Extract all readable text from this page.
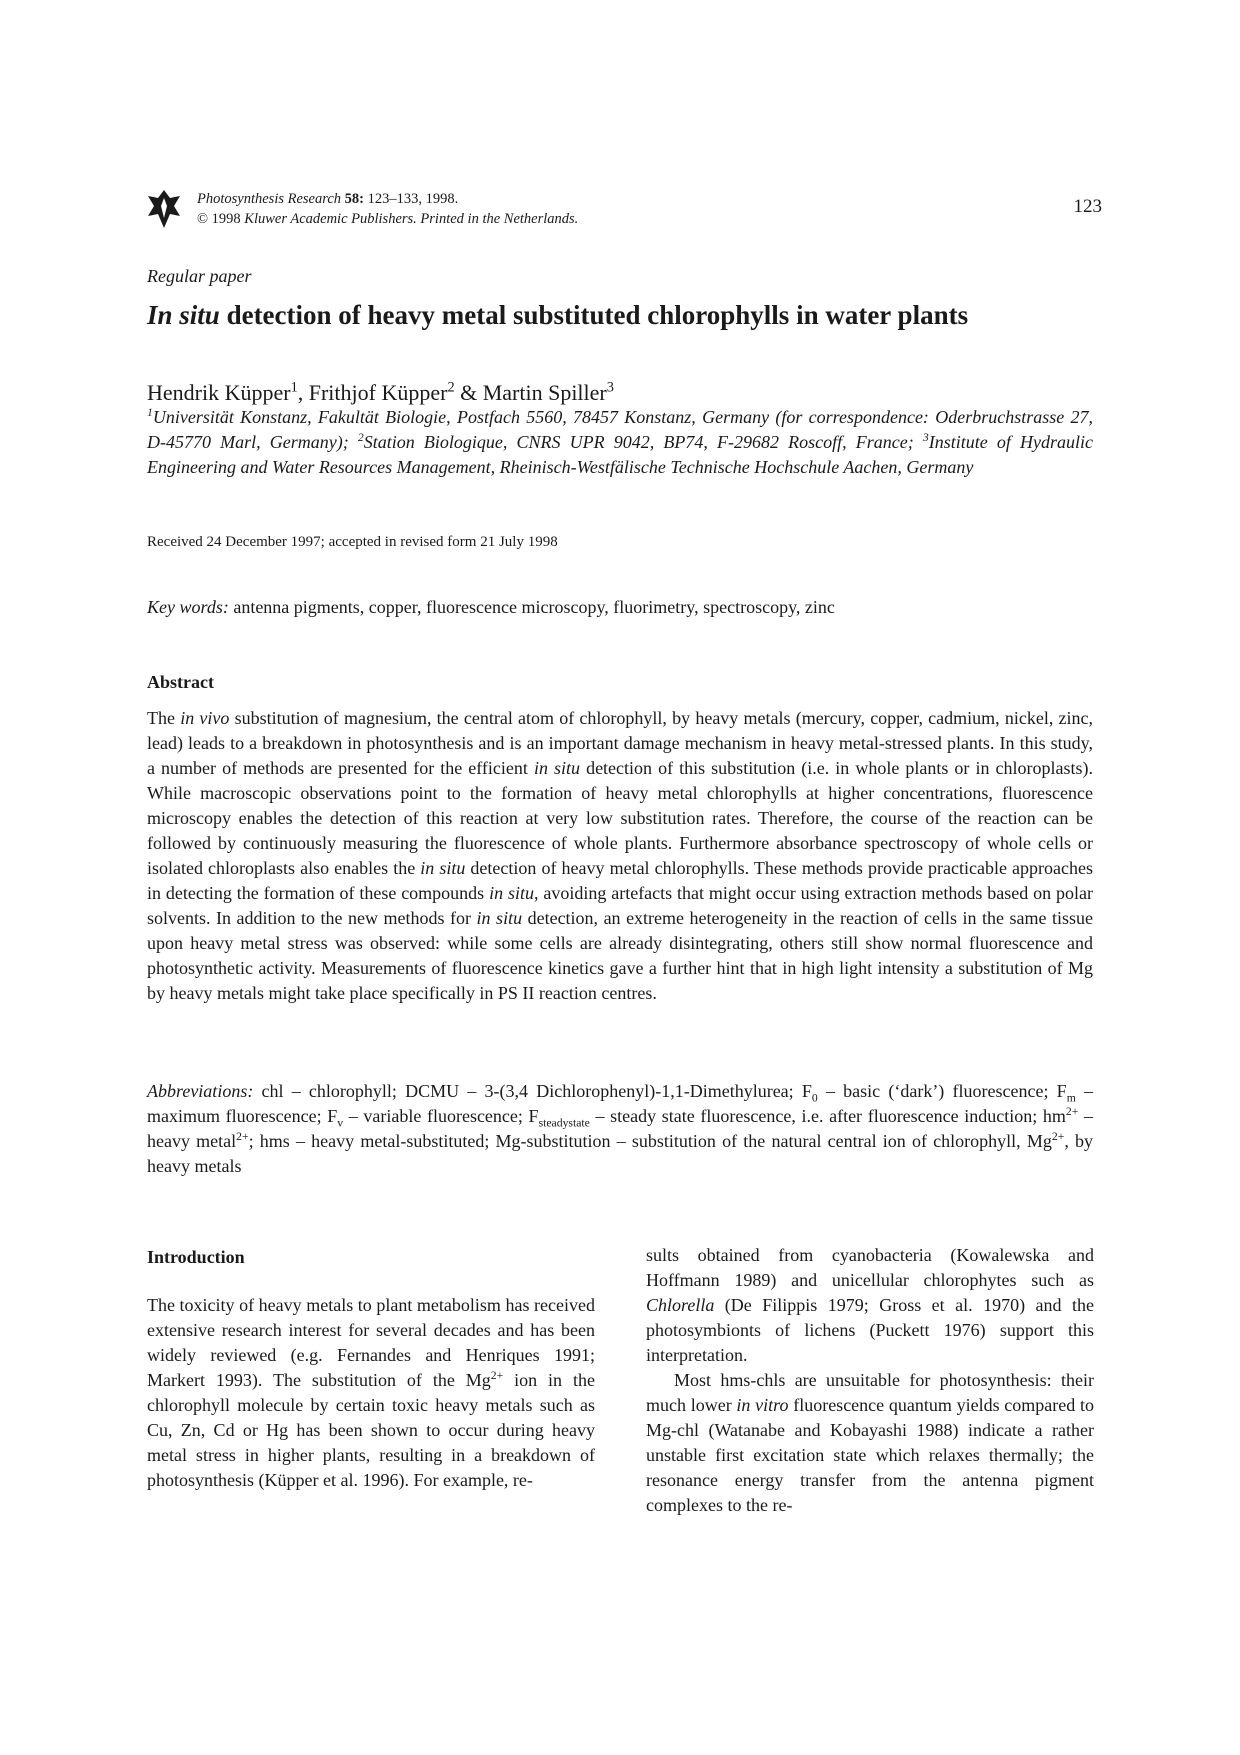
Photosynthesis Research 58: 123–133, 1998.
© 1998 Kluwer Academic Publishers. Printed in the Netherlands.
123
Regular paper
In situ detection of heavy metal substituted chlorophylls in water plants
Hendrik Küpper$^1$, Frithjof Küpper$^2$ & Martin Spiller$^3$
$^1$Universität Konstanz, Fakultät Biologie, Postfach 5560, 78457 Konstanz, Germany (for correspondence: Oderbruchstrasse 27, D-45770 Marl, Germany); $^2$Station Biologique, CNRS UPR 9042, BP74, F-29682 Roscoff, France; $^3$Institute of Hydraulic Engineering and Water Resources Management, Rheinisch-Westfälische Technische Hochschule Aachen, Germany
Received 24 December 1997; accepted in revised form 21 July 1998
Key words: antenna pigments, copper, fluorescence microscopy, fluorimetry, spectroscopy, zinc
Abstract
The in vivo substitution of magnesium, the central atom of chlorophyll, by heavy metals (mercury, copper, cadmium, nickel, zinc, lead) leads to a breakdown in photosynthesis and is an important damage mechanism in heavy metal-stressed plants. In this study, a number of methods are presented for the efficient in situ detection of this substitution (i.e. in whole plants or in chloroplasts). While macroscopic observations point to the formation of heavy metal chlorophylls at higher concentrations, fluorescence microscopy enables the detection of this reaction at very low substitution rates. Therefore, the course of the reaction can be followed by continuously measuring the fluorescence of whole plants. Furthermore absorbance spectroscopy of whole cells or isolated chloroplasts also enables the in situ detection of heavy metal chlorophylls. These methods provide practicable approaches in detecting the formation of these compounds in situ, avoiding artefacts that might occur using extraction methods based on polar solvents. In addition to the new methods for in situ detection, an extreme heterogeneity in the reaction of cells in the same tissue upon heavy metal stress was observed: while some cells are already disintegrating, others still show normal fluorescence and photosynthetic activity. Measurements of fluorescence kinetics gave a further hint that in high light intensity a substitution of Mg by heavy metals might take place specifically in PS II reaction centres.
Abbreviations: chl – chlorophyll; DCMU – 3-(3,4 Dichlorophenyl)-1,1-Dimethylurea; $F_0$ – basic (‘dark’) fluorescence; $F_m$ – maximum fluorescence; $F_v$ – variable fluorescence; $F_{steadystate}$ – steady state fluorescence, i.e. after fluorescence induction; $hm^{2+}$ – heavy metal$^{2+}$; hms – heavy metal-substituted; Mg-substitution – substitution of the natural central ion of chlorophyll, $Mg^{2+}$, by heavy metals
Introduction
The toxicity of heavy metals to plant metabolism has received extensive research interest for several decades and has been widely reviewed (e.g. Fernandes and Henriques 1991; Markert 1993). The substitution of the $Mg^{2+}$ ion in the chlorophyll molecule by certain toxic heavy metals such as Cu, Zn, Cd or Hg has been shown to occur during heavy metal stress in higher plants, resulting in a breakdown of photosynthesis (Küpper et al. 1996). For example, re-

sults obtained from cyanobacteria (Kowalewska and Hoffmann 1989) and unicellular chlorophytes such as Chlorella (De Filippis 1979; Gross et al. 1970) and the photosymbionts of lichens (Puckett 1976) support this interpretation.

Most hms-chls are unsuitable for photosynthesis: their much lower in vitro fluorescence quantum yields compared to Mg-chl (Watanabe and Kobayashi 1988) indicate a rather unstable first excitation state which relaxes thermally; the resonance energy transfer from the antenna pigment complexes to the re-
